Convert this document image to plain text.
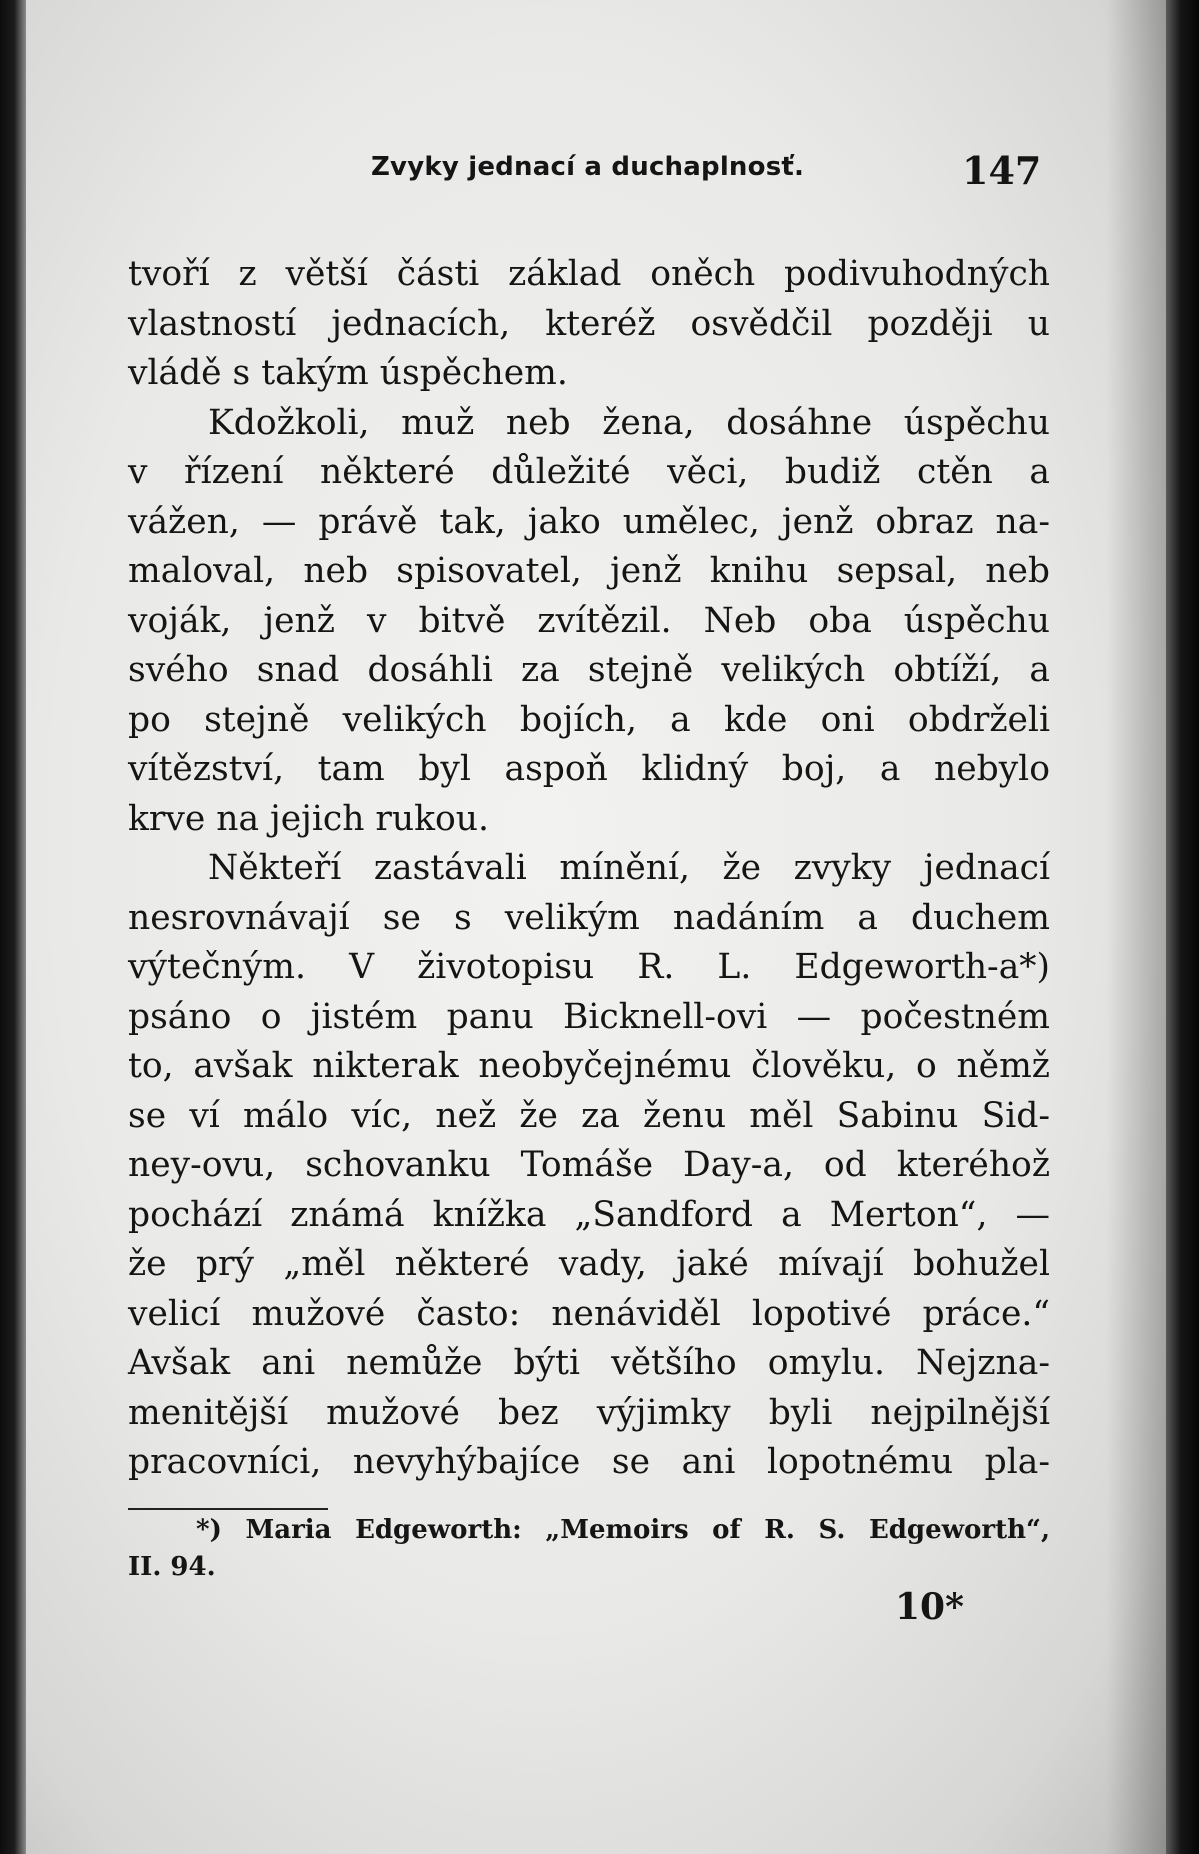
Zvyky jednací a duchaplnosť.	147
tvoří z větší části základ oněch podivuhodných
vlastností jednacích, kteréž osvědčil později u
vládě s takým úspěchem.
Kdožkoli, muž neb žena, dosáhne úspěchu
v řízení některé důležité věci, budiž ctěn a
vážen, — právě tak, jako umělec, jenž obraz na-
maloval, neb spisovatel, jenž knihu sepsal, neb
voják, jenž v bitvě zvítězil. Neb oba úspěchu
svého snad dosáhli za stejně velikých obtíží, a
po stejně velikých bojích, a kde oni obdrželi
vítězství, tam byl aspoň klidný boj, a nebylo
krve na jejich rukou.
Někteří zastávali mínění, že zvyky jednací
nesrovnávají se s velikým nadáním a duchem
výtečným. V životopisu R. L. Edgeworth-a*)
psáno o jistém panu Bicknell-ovi — počestném
to, avšak nikterak neobyčejnému člověku, o němž
se ví málo víc, než že za ženu měl Sabinu Sid-
ney-ovu, schovanku Tomáše Day-a, od kteréhož
pochází známá knížka „Sandford a Merton“, —
že prý „měl některé vady, jaké mívají bohužel
velicí mužové často: nenáviděl lopotivé práce.“
Avšak ani nemůže býti většího omylu. Nejzna-
menitější mužové bez výjimky byli nejpilnější
pracovníci, nevyhýbajíce se ani lopotnému pla-
*) Maria Edgeworth: „Memoirs of R. S. Edgeworth“,
II. 94.
10*
